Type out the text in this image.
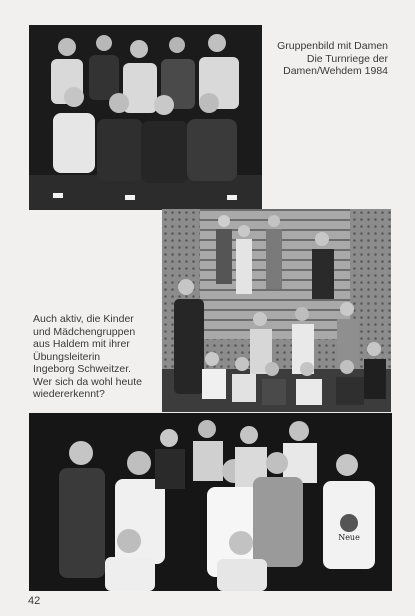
Gruppenbild mit Damen
Die Turnriege der
Damen/Wehdem 1984
Auch aktiv, die Kinder
und Mädchengruppen
aus Haldem mit ihrer
Übungsleiterin
Ingeborg Schweitzer.
Wer sich da wohl heute
wiedererkennt?
Neue
42
